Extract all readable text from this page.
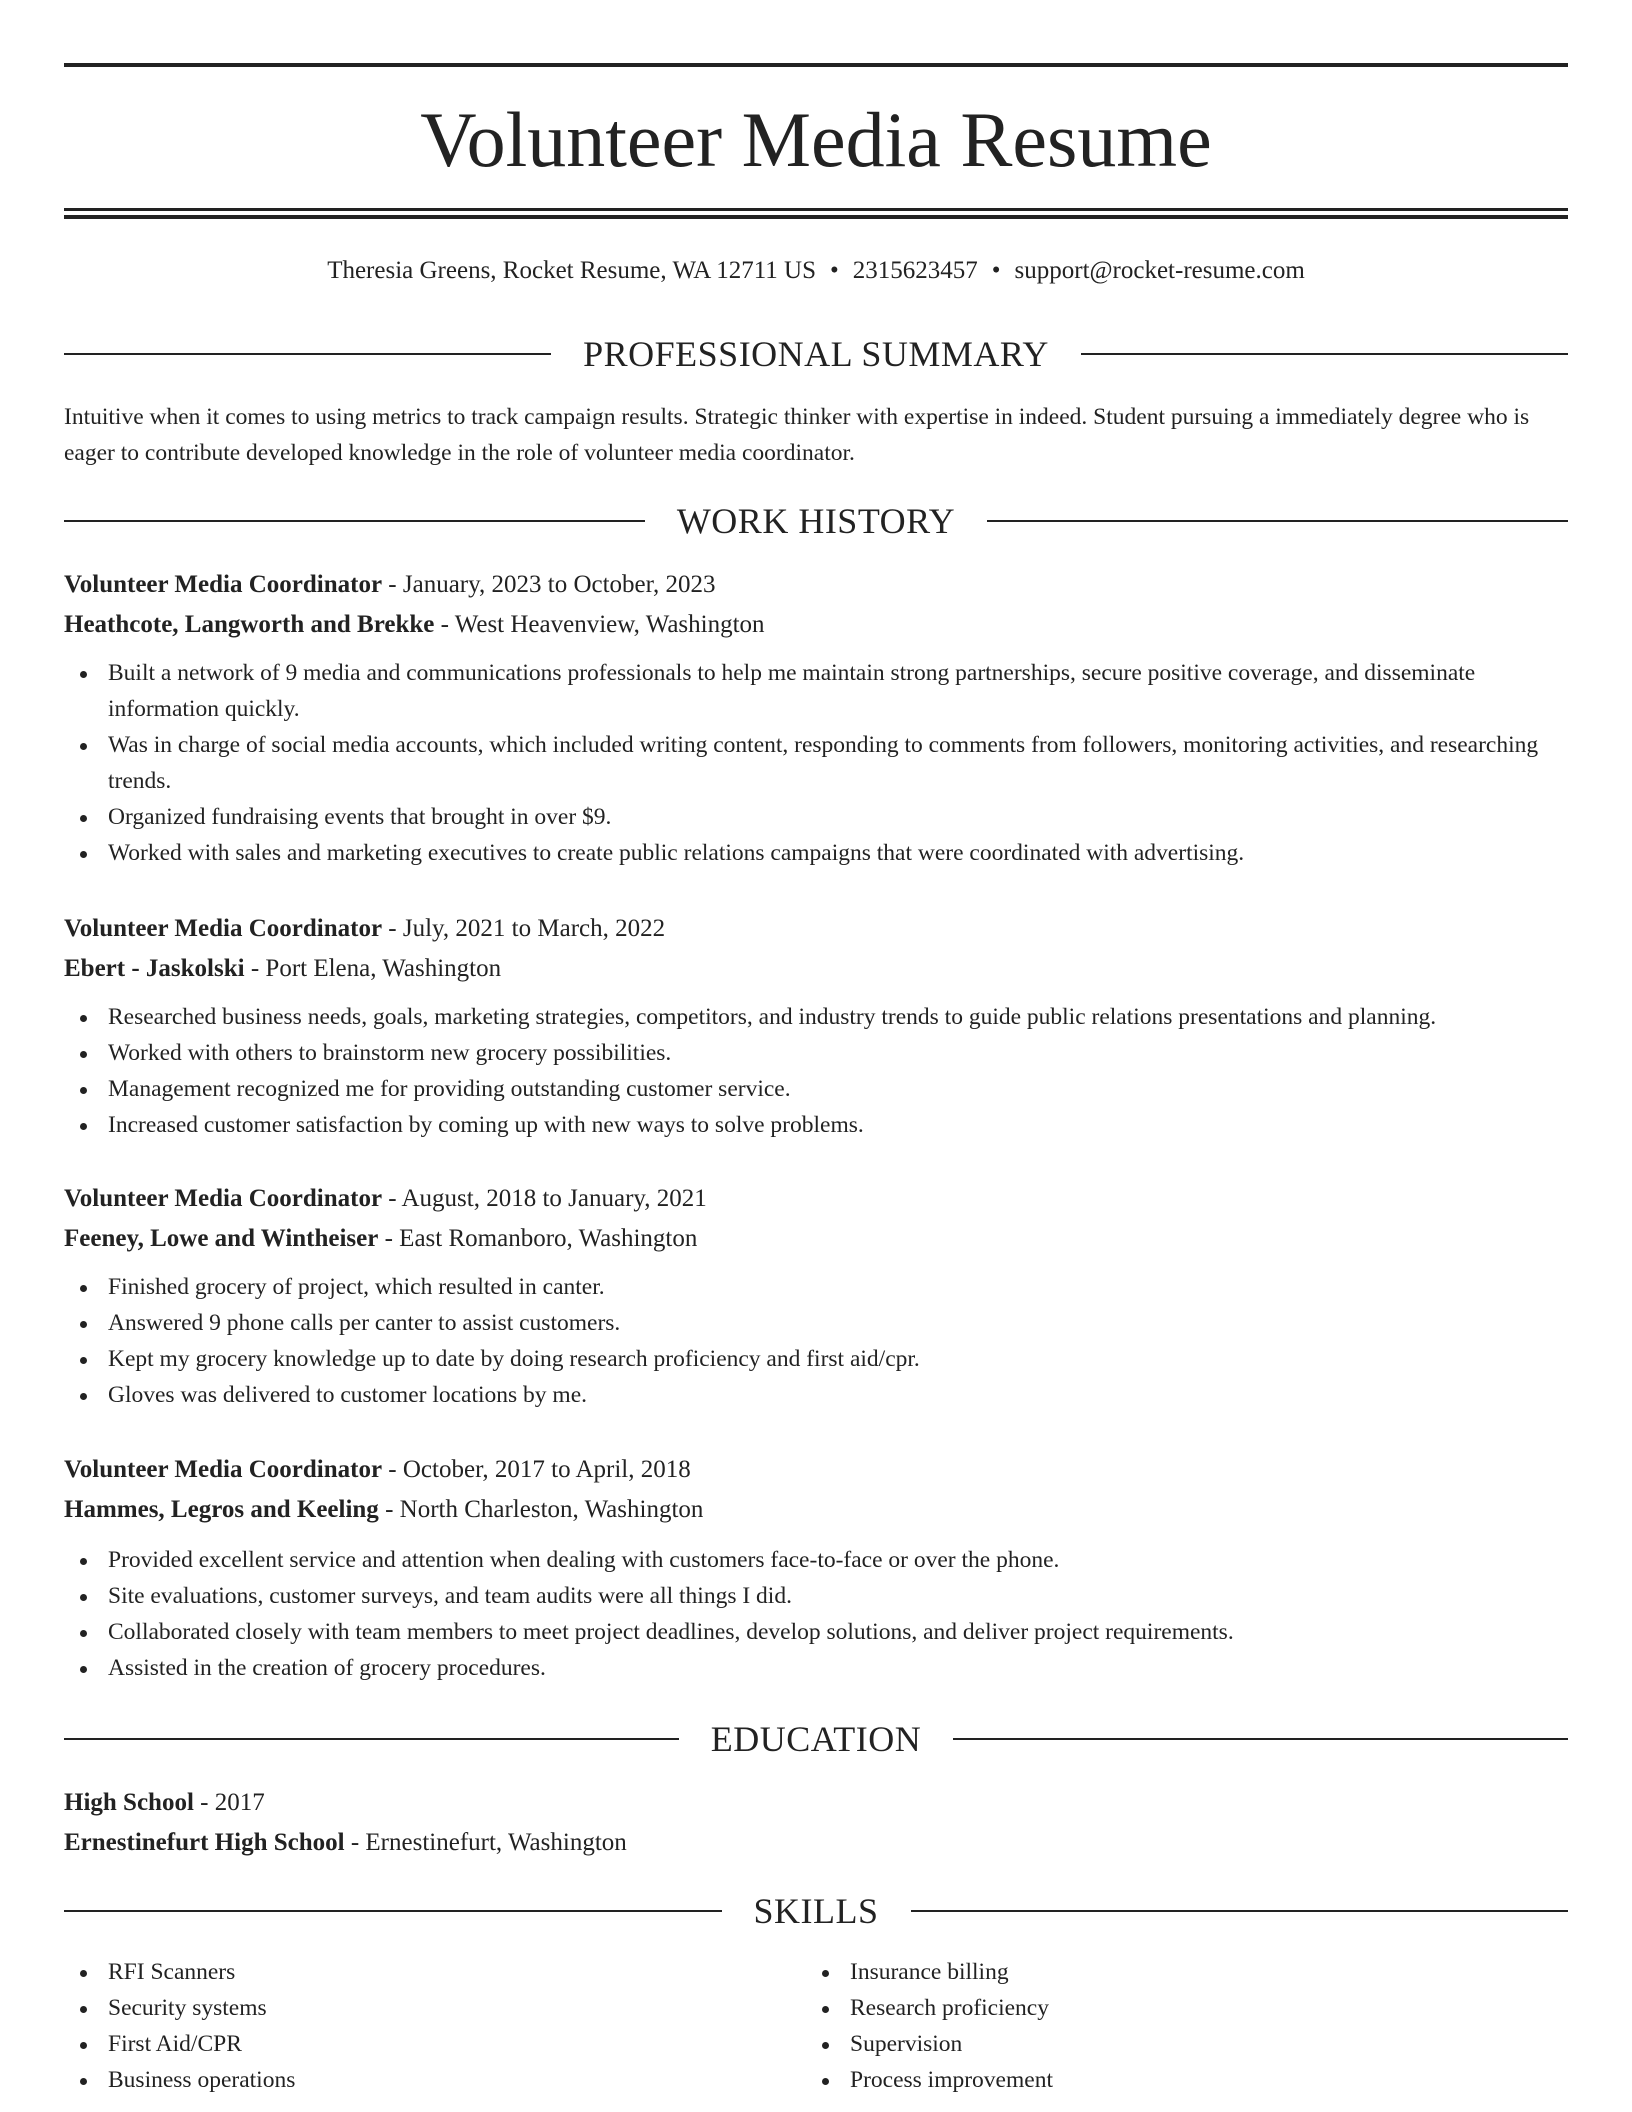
Volunteer Media Resume
Theresia Greens, Rocket Resume, WA 12711 US • 2315623457 • support@rocket-resume.com
PROFESSIONAL SUMMARY

Intuitive when it comes to using metrics to track campaign results. Strategic thinker with expertise in indeed. Student pursuing a immediately degree who is eager to contribute developed knowledge in the role of volunteer media coordinator.

WORK HISTORY
Volunteer Media Coordinator - January, 2023 to October, 2023
Heathcote, Langworth and Brekke - West Heavenview, Washington
Built a network of 9 media and communications professionals to help me maintain strong partnerships, secure positive coverage, and disseminate information quickly.
Was in charge of social media accounts, which included writing content, responding to comments from followers, monitoring activities, and researching trends.
Organized fundraising events that brought in over $9.
Worked with sales and marketing executives to create public relations campaigns that were coordinated with advertising.
Volunteer Media Coordinator - July, 2021 to March, 2022
Ebert - Jaskolski - Port Elena, Washington
Researched business needs, goals, marketing strategies, competitors, and industry trends to guide public relations presentations and planning.
Worked with others to brainstorm new grocery possibilities.
Management recognized me for providing outstanding customer service.
Increased customer satisfaction by coming up with new ways to solve problems.
Volunteer Media Coordinator - August, 2018 to January, 2021
Feeney, Lowe and Wintheiser - East Romanboro, Washington
Finished grocery of project, which resulted in canter.
Answered 9 phone calls per canter to assist customers.
Kept my grocery knowledge up to date by doing research proficiency and first aid/cpr.
Gloves was delivered to customer locations by me.
Volunteer Media Coordinator - October, 2017 to April, 2018
Hammes, Legros and Keeling - North Charleston, Washington
Provided excellent service and attention when dealing with customers face-to-face or over the phone.
Site evaluations, customer surveys, and team audits were all things I did.
Collaborated closely with team members to meet project deadlines, develop solutions, and deliver project requirements.
Assisted in the creation of grocery procedures.
EDUCATION
High School - 2017
Ernestinefurt High School - Ernestinefurt, Washington
SKILLS
RFI Scanners
Security systems
First Aid/CPR
Business operations
Insurance billing
Research proficiency
Supervision
Process improvement
